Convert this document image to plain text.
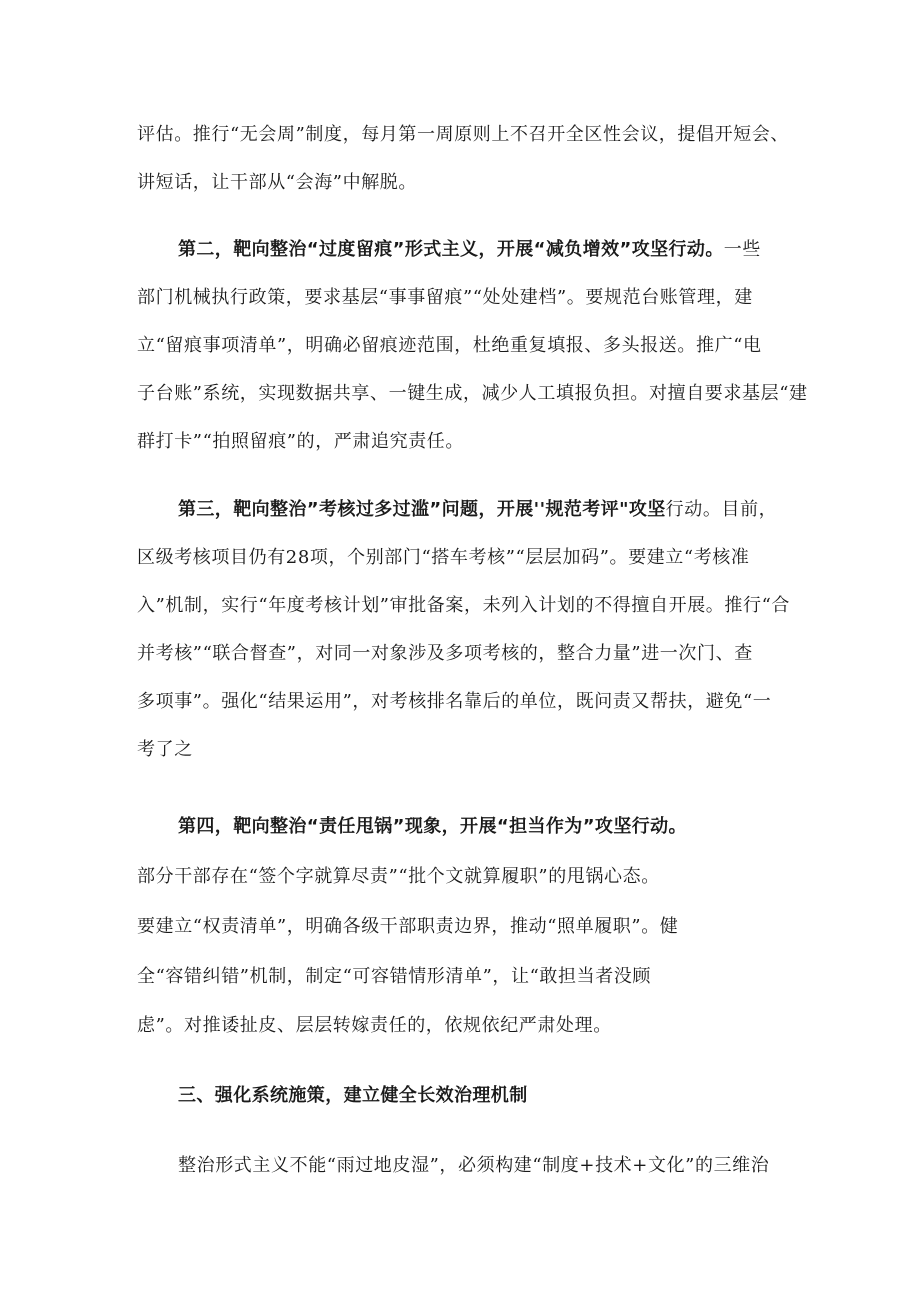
评估。推行“无会周”制度，每月第一周原则上不召开全区性会议，提倡开短会、
讲短话，让干部从“会海”中解脱。
第二，靶向整治“过度留痕”形式主义，开展“减负增效”攻坚行动。一些
部门机械执行政策，要求基层“事事留痕”“处处建档”。要规范台账管理，建
立“留痕事项清单”，明确必留痕迹范围，杜绝重复填报、多头报送。推广“电
子台账”系统，实现数据共享、一键生成，减少人工填报负担。对擅自要求基层“建
群打卡”“拍照留痕”的，严肃追究责任。
第三，靶向整治”考核过多过滥”问题，开展''规范考评"攻坚行动。目前，
区级考核项目仍有28项，个别部门“搭车考核”“层层加码”。要建立“考核准
入”机制，实行“年度考核计划”审批备案，未列入计划的不得擅自开展。推行“合
并考核”“联合督查”，对同一对象涉及多项考核的，整合力量”进一次门、查
多项事”。强化“结果运用”，对考核排名靠后的单位，既问责又帮扶，避免“一
考了之
第四，靶向整治“责任甩锅”现象，开展“担当作为”攻坚行动。
部分干部存在“签个字就算尽责”“批个文就算履职”的甩锅心态。
要建立“权责清单”，明确各级干部职责边界，推动“照单履职”。健
全“容错纠错”机制，制定“可容错情形清单”，让“敢担当者没顾
虑”。对推诿扯皮、层层转嫁责任的，依规依纪严肃处理。
三、强化系统施策，建立健全长效治理机制
整治形式主义不能“雨过地皮湿”，必须构建“制度+技术+文化”的三维治
